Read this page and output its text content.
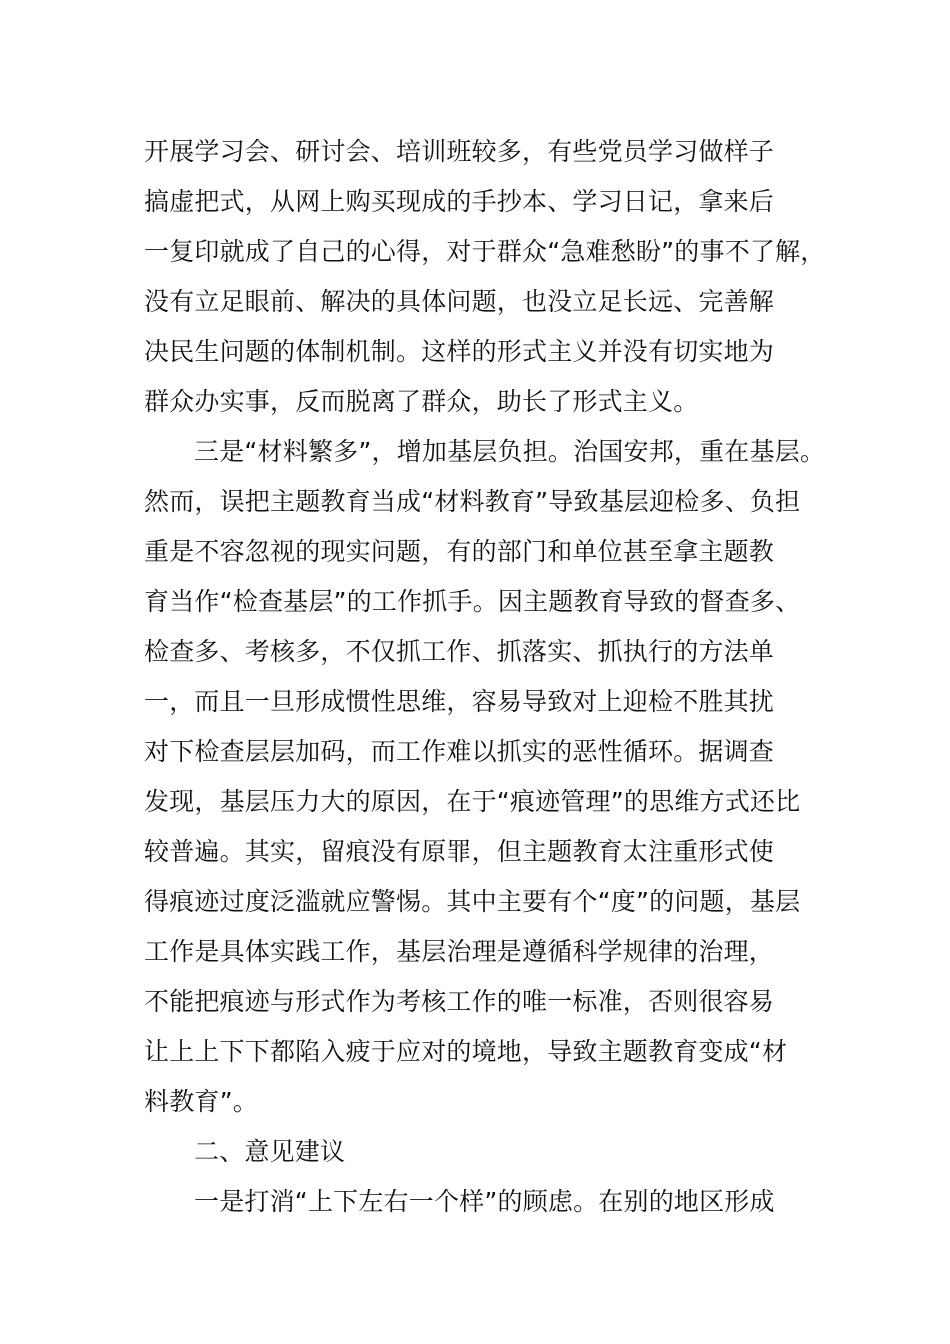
开展学习会、研讨会、培训班较多，有些党员学习做样子
搞虚把式，从网上购买现成的手抄本、学习日记，拿来后
一复印就成了自己的心得，对于群众“急难愁盼”的事不了解，
没有立足眼前、解决的具体问题，也没立足长远、完善解
决民生问题的体制机制。这样的形式主义并没有切实地为
群众办实事，反而脱离了群众，助长了形式主义。
三是“材料繁多”，增加基层负担。治国安邦，重在基层。
然而，误把主题教育当成“材料教育”导致基层迎检多、负担
重是不容忽视的现实问题，有的部门和单位甚至拿主题教
育当作“检查基层”的工作抓手。因主题教育导致的督查多、
检查多、考核多，不仅抓工作、抓落实、抓执行的方法单
一，而且一旦形成惯性思维，容易导致对上迎检不胜其扰
对下检查层层加码，而工作难以抓实的恶性循环。据调查
发现，基层压力大的原因，在于“痕迹管理”的思维方式还比
较普遍。其实，留痕没有原罪，但主题教育太注重形式使
得痕迹过度泛滥就应警惕。其中主要有个“度”的问题，基层
工作是具体实践工作，基层治理是遵循科学规律的治理，
不能把痕迹与形式作为考核工作的唯一标准，否则很容易
让上上下下都陷入疲于应对的境地，导致主题教育变成“材
料教育”。
二、意见建议
一是打消“上下左右一个样”的顾虑。在别的地区形成
